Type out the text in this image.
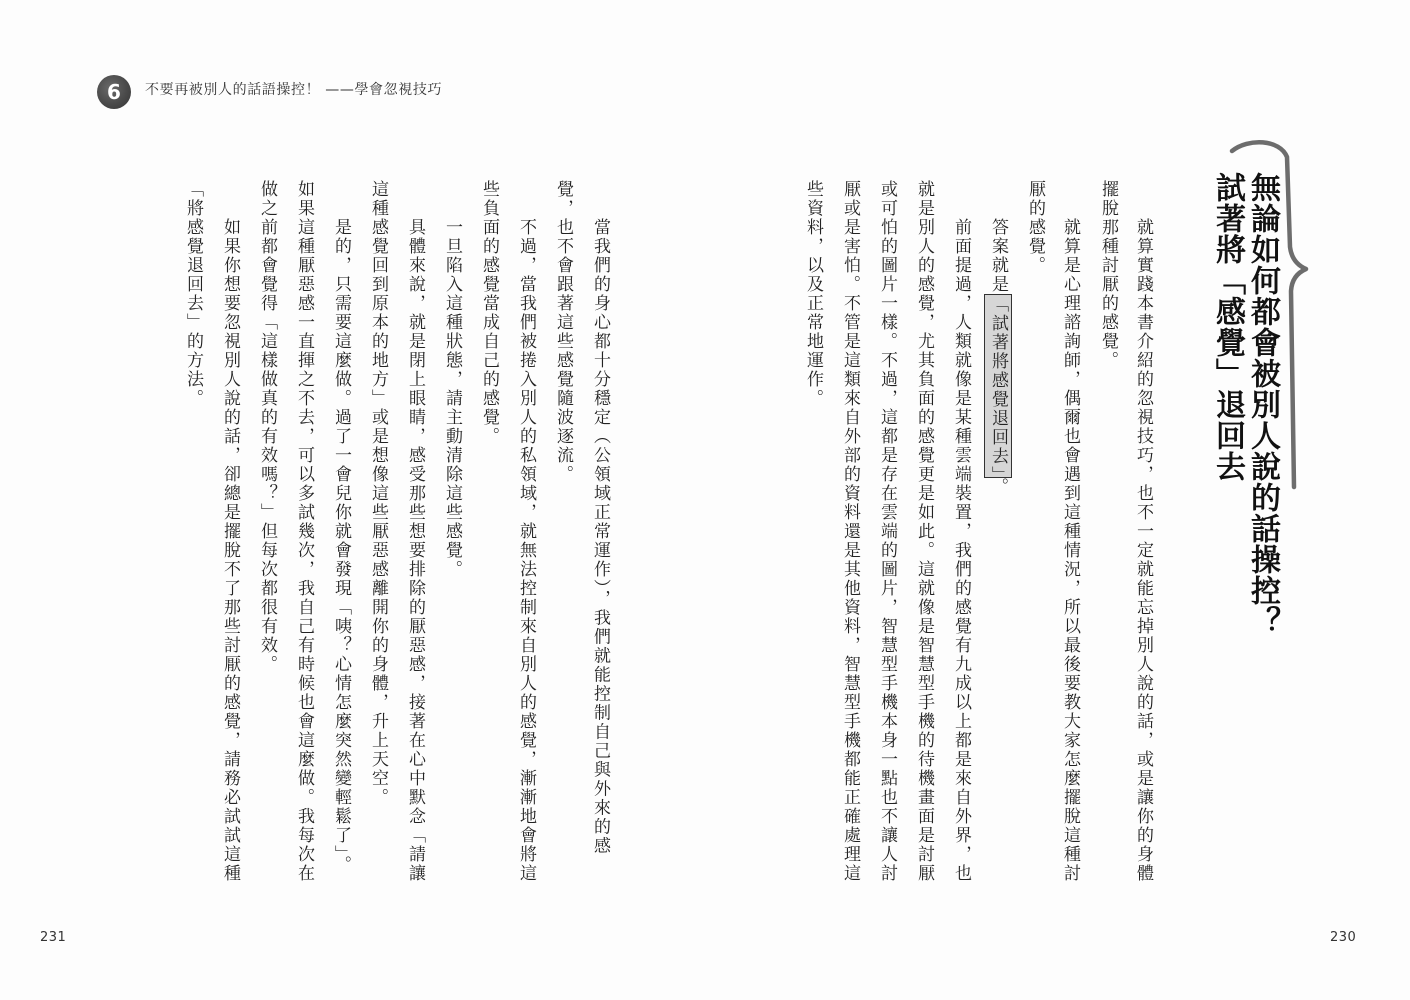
6	不要再被別人的話語操控！ ——學會忽視技巧
無論如何都會被別人說的話操控？
試著將「感覺」退回去
就算實踐本書介紹的忽視技巧，也不一定就能忘掉別人說的話，或是讓你的身體
擺脫那種討厭的感覺。
就算是心理諮詢師，偶爾也會遇到這種情況，所以最後要教大家怎麼擺脫這種討
厭的感覺。
答案就是「試著將感覺退回去」。
前面提過，人類就像是某種雲端裝置，我們的感覺有九成以上都是來自外界，也
就是別人的感覺，尤其負面的感覺更是如此。這就像是智慧型手機的待機畫面是討厭
或可怕的圖片一樣。不過，這都是存在雲端的圖片，智慧型手機本身一點也不讓人討
厭或是害怕。不管是這類來自外部的資料還是其他資料，智慧型手機都能正確處理這
些資料，以及正常地運作。
當我們的身心都十分穩定（公領域正常運作），我們就能控制自己與外來的感
覺，也不會跟著這些感覺隨波逐流。
不過，當我們被捲入別人的私領域，就無法控制來自別人的感覺，漸漸地會將這
些負面的感覺當成自己的感覺。
一旦陷入這種狀態，請主動清除這些感覺。
具體來說，就是閉上眼睛，感受那些想要排除的厭惡感，接著在心中默念「請讓
這種感覺回到原本的地方」或是想像這些厭惡感離開你的身體，升上天空。
是的，只需要這麼做。過了一會兒你就會發現「咦？心情怎麼突然變輕鬆了」。
如果這種厭惡感一直揮之不去，可以多試幾次，我自己有時候也會這麼做。我每次在
做之前都會覺得「這樣做真的有效嗎？」但每次都很有效。
如果你想要忽視別人說的話，卻總是擺脫不了那些討厭的感覺，請務必試試這種
「將感覺退回去」的方法。
231	230
